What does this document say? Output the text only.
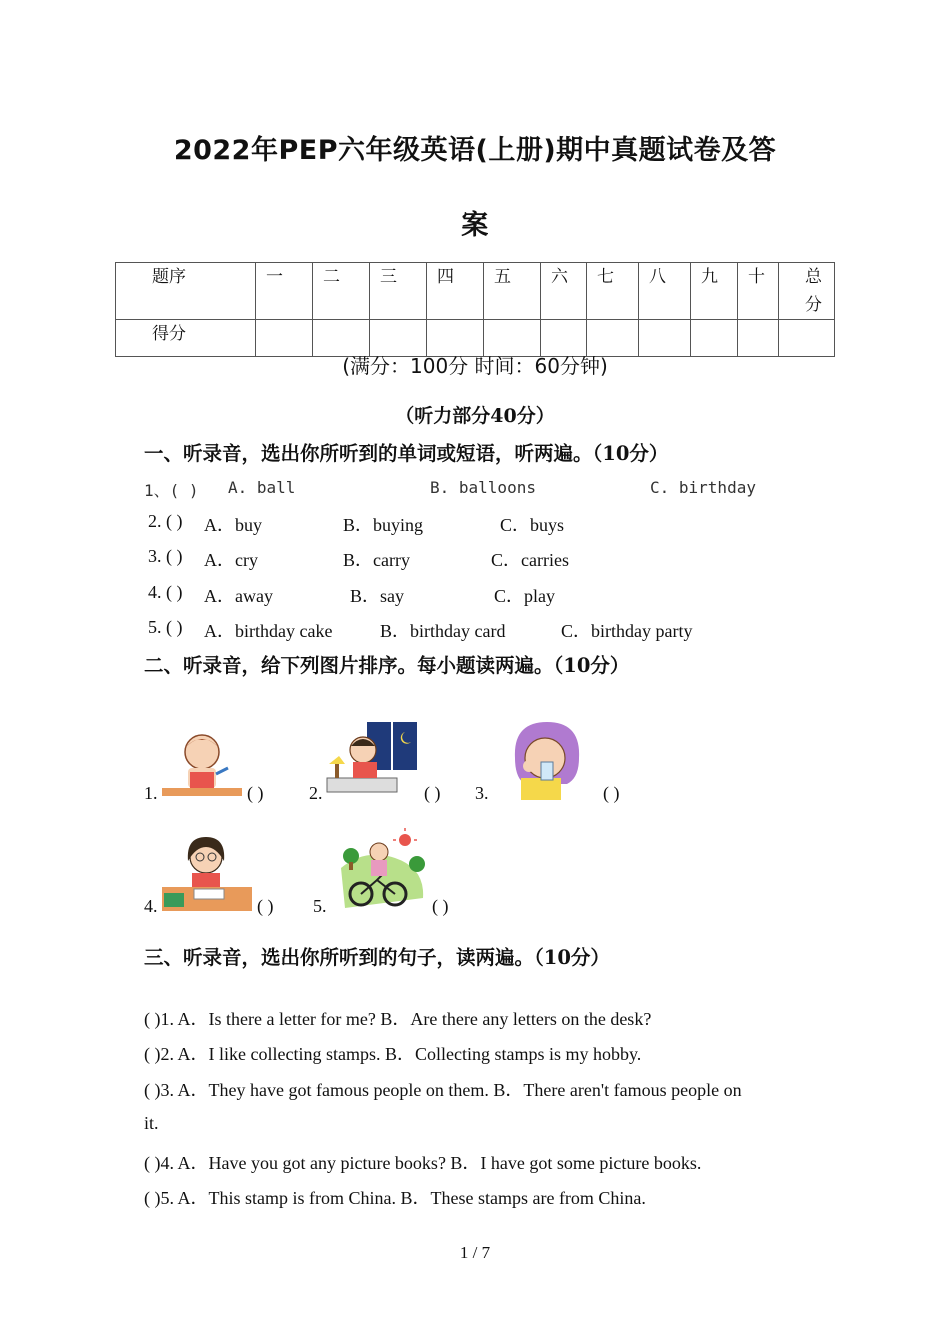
2022年PEP六年级英语(上册)期中真题试卷及答
案
题序	一	二	三	四	五	六	七	八	九	十	总分
得分											
(满分：100分 时间：60分钟)
（听力部分40分）
一、听录音，选出你所听到的单词或短语，听两遍。（10分）
1、( ) A. ball	B. balloons	C. birthday
2. ( ) A．buy	B．buying	C．buys
3. ( ) A．cry	B．carry	C．carries
4. ( ) A．away	B．say	C．play
5. ( ) A．birthday cake	B．birthday card	C．birthday party
二、听录音，给下列图片排序。每小题读两遍。（10分）
1.	( )	2.	( ) 3.	( )
4.	( ) 5.	( )
三、听录音，选出你所听到的句子，读两遍。（10分）
( )1. A．Is there a letter for me? B．Are there any letters on the desk?
( )2. A．I like collecting stamps. B．Collecting stamps is my hobby.
( )3. A．They have got famous people on them. B．There aren't famous people on
it.
( )4. A．Have you got any picture books? B．I have got some picture books.
( )5. A．This stamp is from China. B．These stamps are from China.
1 / 7
